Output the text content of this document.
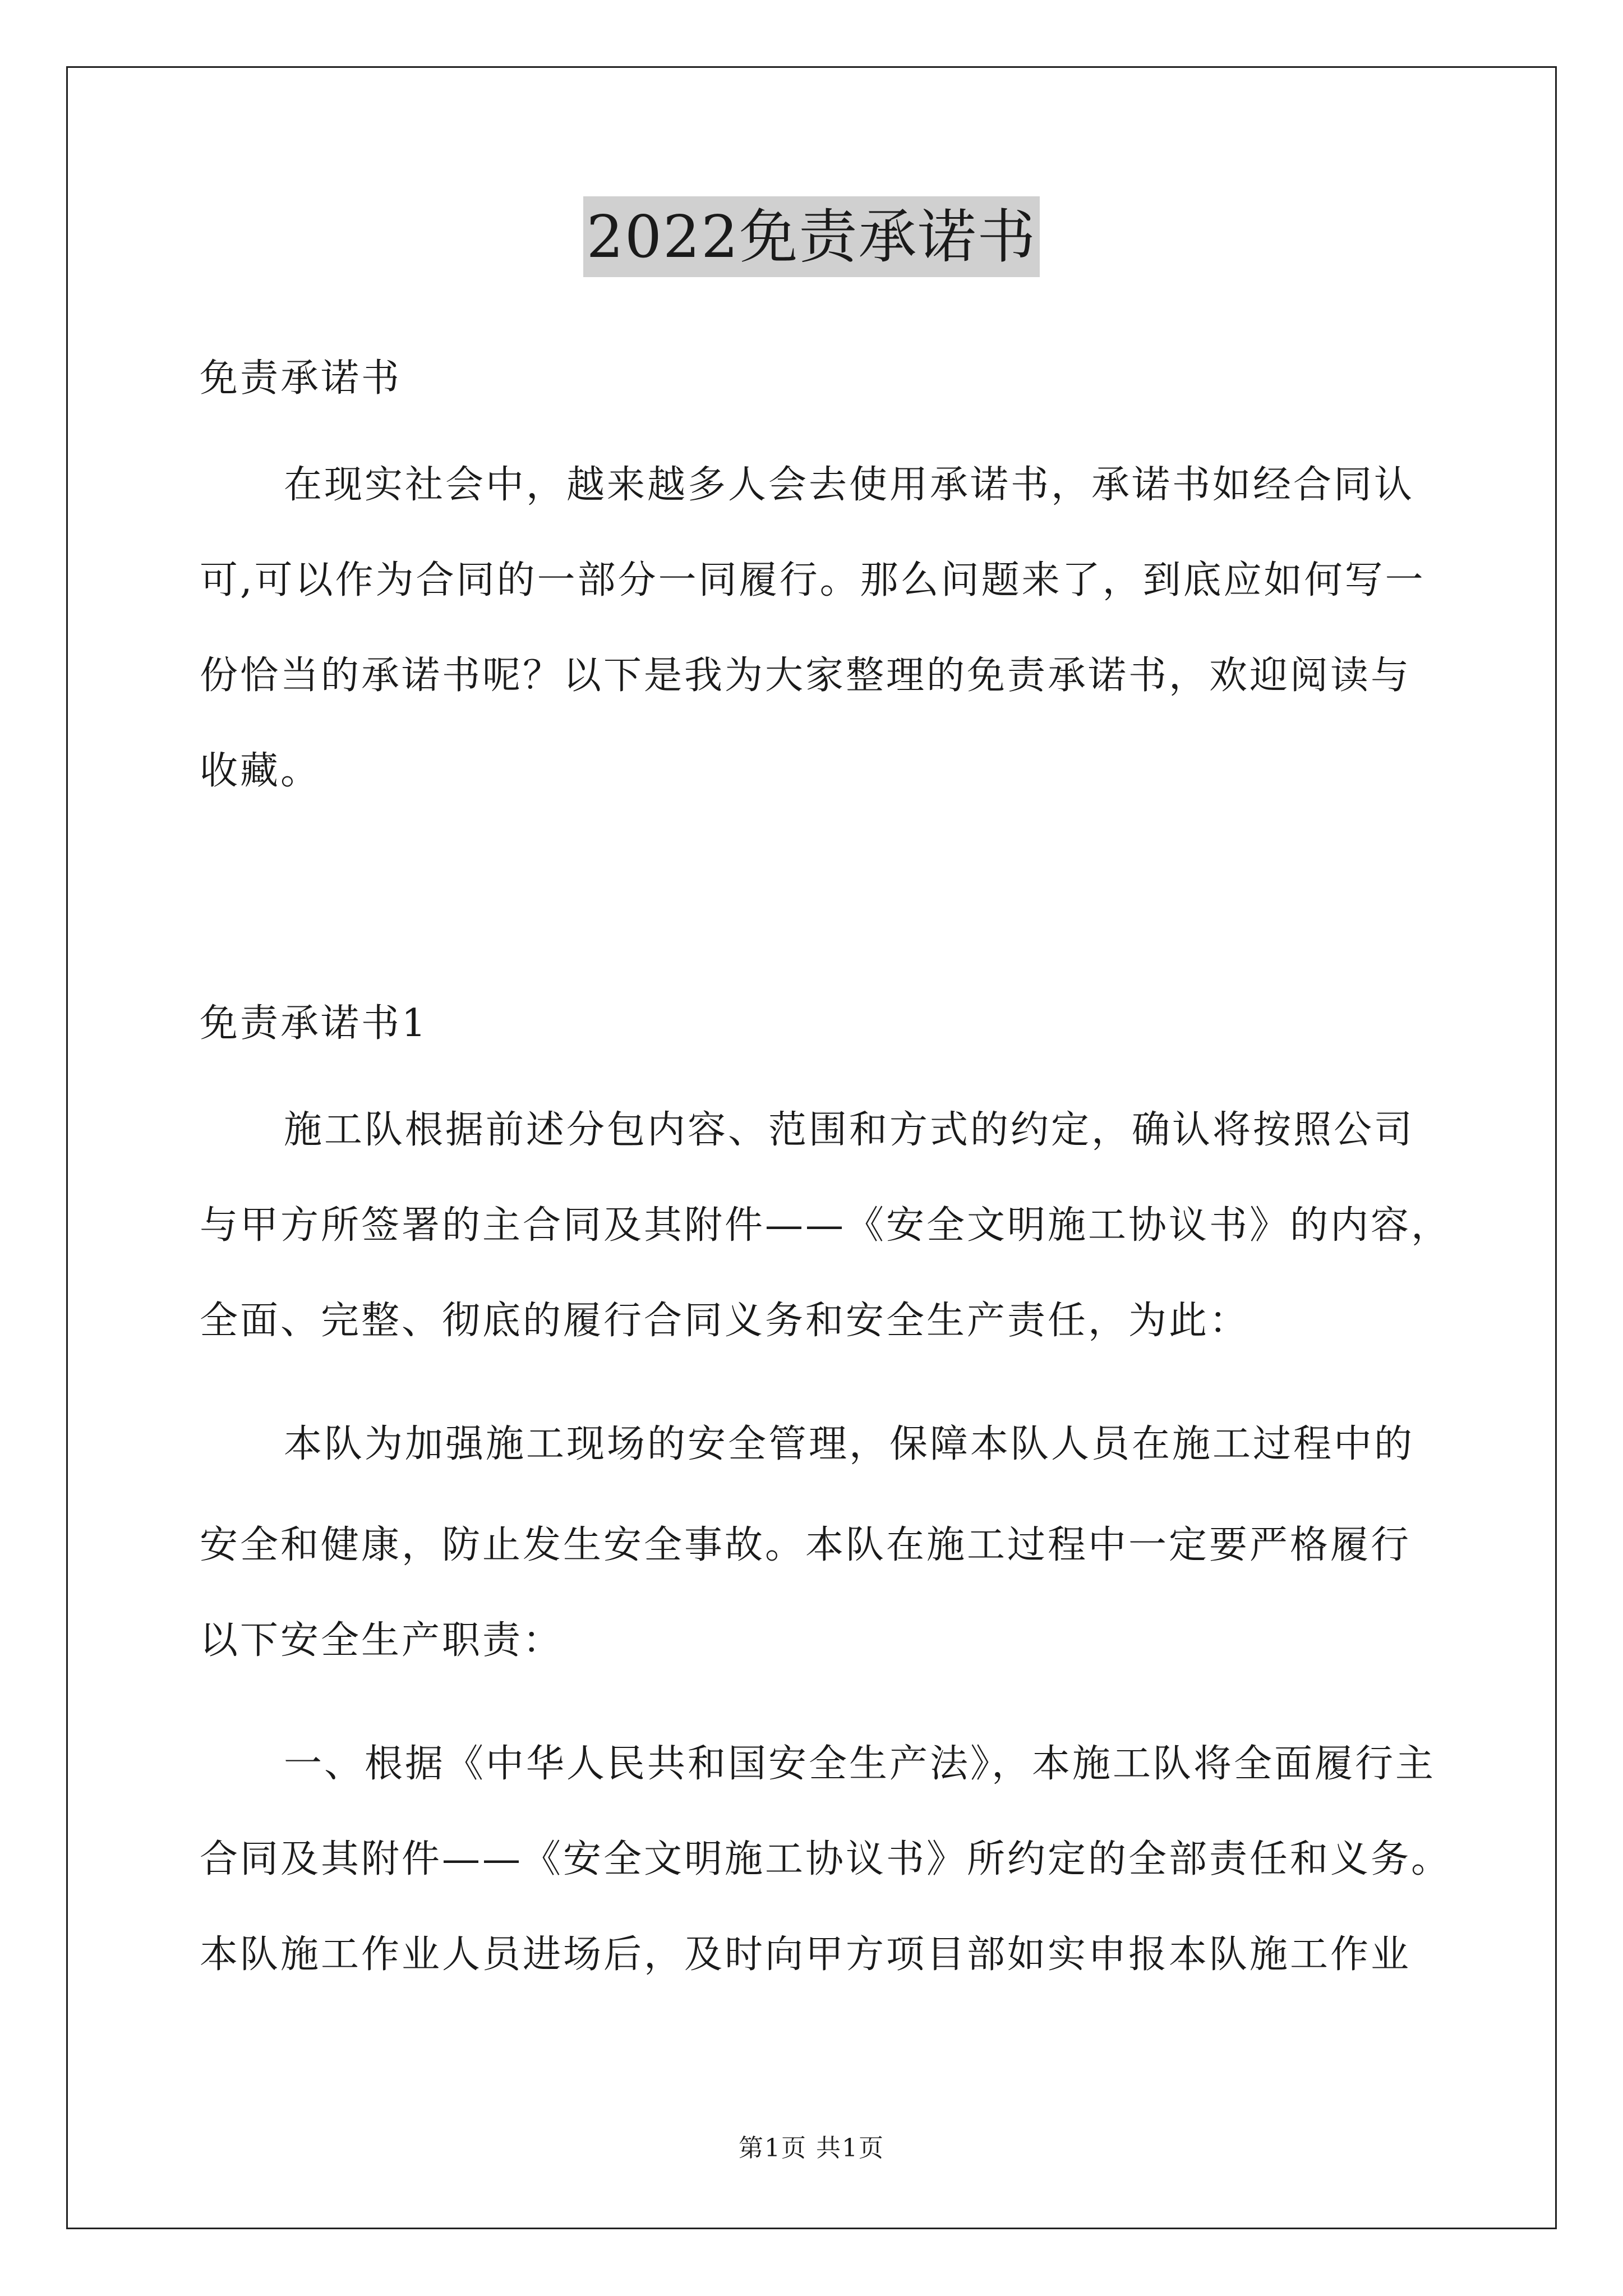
2022免责承诺书
免责承诺书
在现实社会中，越来越多人会去使用承诺书，承诺书如经合同认
可,可以作为合同的一部分一同履行。那么问题来了，到底应如何写一
份恰当的承诺书呢？以下是我为大家整理的免责承诺书，欢迎阅读与
收藏。
免责承诺书1
施工队根据前述分包内容、范围和方式的约定，确认将按照公司
与甲方所签署的主合同及其附件——《安全文明施工协议书》的内容，
全面、完整、彻底的履行合同义务和安全生产责任，为此：
本队为加强施工现场的安全管理，保障本队人员在施工过程中的
安全和健康，防止发生安全事故。本队在施工过程中一定要严格履行
以下安全生产职责：
一、根据《中华人民共和国安全生产法》，本施工队将全面履行主
合同及其附件——《安全文明施工协议书》所约定的全部责任和义务。
本队施工作业人员进场后，及时向甲方项目部如实申报本队施工作业
第1页 共1页
